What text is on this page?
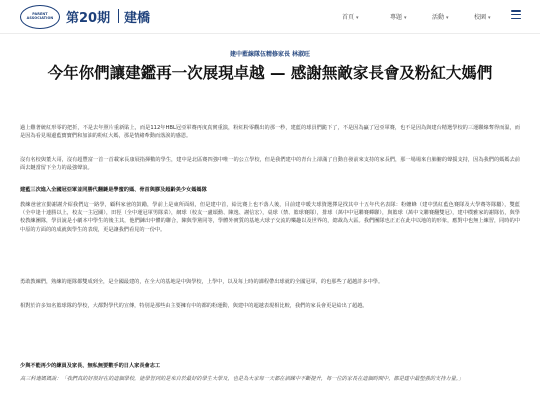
PARENT ASSOCIATION 第20期 建橋	首頁 ▾	專題 ▾	活動 ▾	校園 ▾
建中藍線隊伍精修家長 林淑旺
今年你們讓建鑑再一次展現卓越 — 感謝無敵家長會及粉紅大媽們

過上難著統紅形零的把折，不是去年照片重新貼上，而是112年HBL冠亞軍賽再度真實重演，粉紅粉零觀出的那一秒，建藍的球員們跪下了，不是因為贏了冠亞軍賽，也不是因為與建台精選學校的三運聯線奪得而温，而是因為看見場邊藍寶寶們和加油的粉紅大媽，那是情緒牽動而落淚的感恩。

沒有名校與董大哥，沒有超豐富一首一首載家長康展指揮數的學生，建中是北區賽四強中唯一的公立學校，但是我們建中的青台上卻滿了自動自發前來支持的家長們，那一場場來自肺腑的聲援支持，因為我們的媽媽去前面去鏈當留下全力的最強聲浪。

建藍三次進入全國冠亞軍並同勝代翻鏈是學蜜的媽、骨首與膠及超齡美少女媽媽隊

教練爸爸宣勤謝謝介紹我們這一路學，顧科家爸的鼓勵，學前上是東所面組，但是建中首，給比賽上也不落人後，目前建中暖夫球資選擇是找其中十五年代名表隊：粉嬤蜂（建中黑紅藍色賽隊及大學賽等隊屬），雙藍（全中逢十連勝以上，校友一主冠關），田徑（全中運冠軍男隊菜），網球（校友一盧頌勳、陳逸、謝信宏），桌球（禁、籃球賽隊），排球（萬中中冠聯賽蟬聯），與籃球（萬中文聯賽翻雙冠），建中樸雅家的謝隊伍，與學校教練團隊，學員說是小劇本中學生的後主其，他們鍊出中體的聯合，陳與學黨同等，學體外實質的基地大球子交流的樂趣以及世界的，總裁為大區。我們團隊也正正在此中以地的的形象，應對中也無上練習，同時的中中原的方面的的成就與學生的表現，更是讓我們看見的一份中。

勇敢教練們，熟練的運隊都雙成到全，是全國最建的，在全大的基地是中與學校，上學中，以及每上時的課程帶出球就的全國冠軍，的也那些了超越許多中學。

相對於許多知名籃球隊的學校，大都對學代的宣傳，特別是那些由主要擁有中的都的粉運動，與建中的超越表現相比較，我們的家長會更是給出了超越。

少與不能再少的練員及家長、無私無要數手的日人家長會志工

高三科連媽媽說：「我們真的好很好在的這個學校，能學習到的是來自於最好的學生大學及，也是為大家每一天都在訓練中不斷提升，每一位的家長在這個時間中，都是建中最堅強的支持力量。」
